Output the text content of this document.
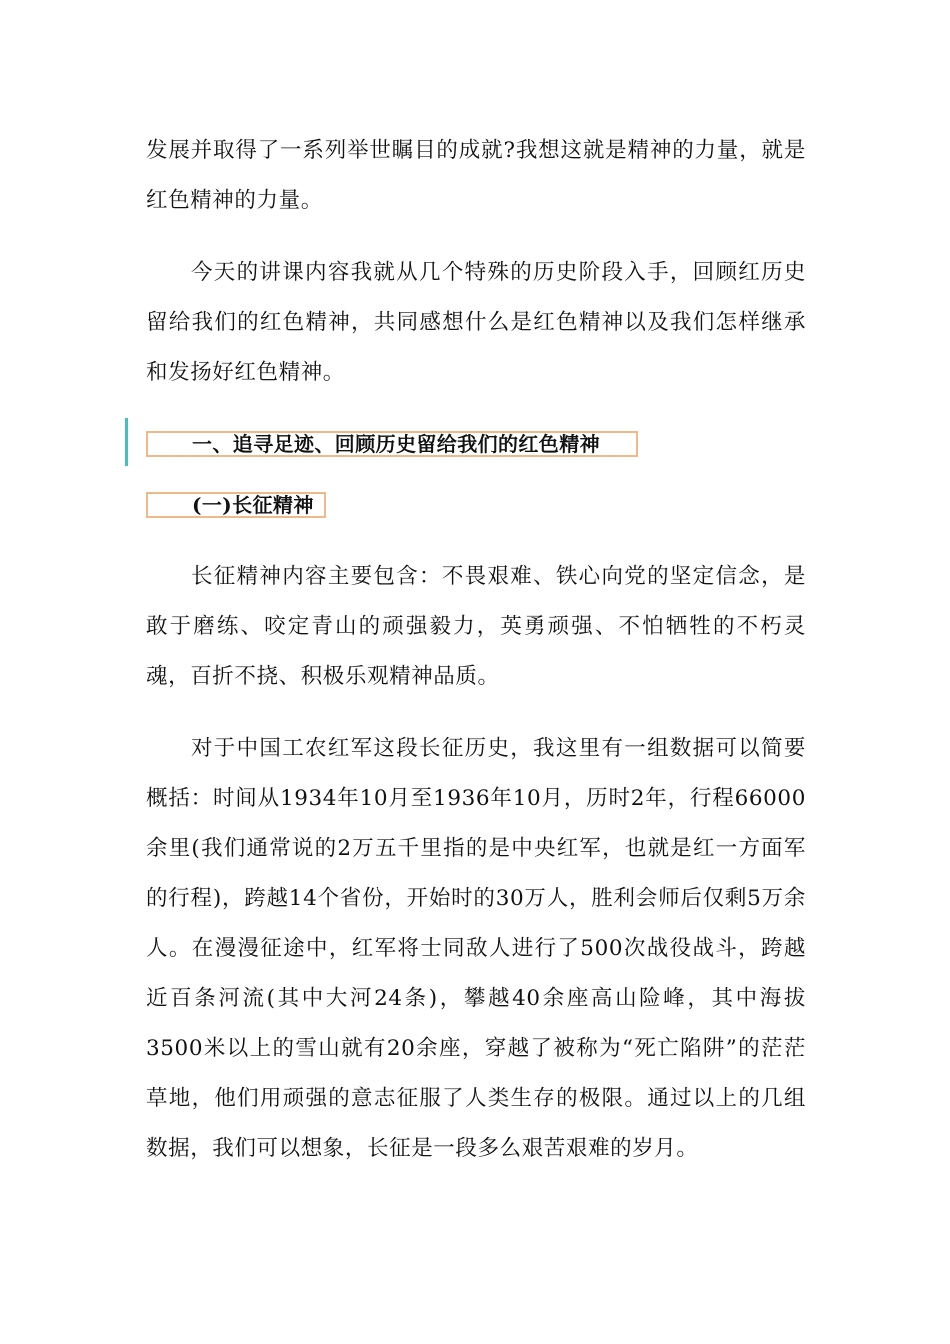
发展并取得了一系列举世瞩目的成就?我想这就是精神的力量，就是红色精神的力量。

今天的讲课内容我就从几个特殊的历史阶段入手，回顾红历史留给我们的红色精神，共同感想什么是红色精神以及我们怎样继承和发扬好红色精神。

一、追寻足迹、回顾历史留给我们的红色精神
(一)长征精神

长征精神内容主要包含：不畏艰难、铁心向党的坚定信念，是敢于磨练、咬定青山的顽强毅力，英勇顽强、不怕牺牲的不朽灵魂，百折不挠、积极乐观精神品质。

对于中国工农红军这段长征历史，我这里有一组数据可以简要概括：时间从1934年10月至1936年10月，历时2年，行程66000余里(我们通常说的2万五千里指的是中央红军，也就是红一方面军的行程)，跨越14个省份，开始时的30万人，胜利会师后仅剩5万余人。在漫漫征途中，红军将士同敌人进行了500次战役战斗，跨越近百条河流(其中大河24条)，攀越40余座高山险峰，其中海拔3500米以上的雪山就有20余座，穿越了被称为“死亡陷阱”的茫茫草地，他们用顽强的意志征服了人类生存的极限。通过以上的几组数据，我们可以想象，长征是一段多么艰苦艰难的岁月。
